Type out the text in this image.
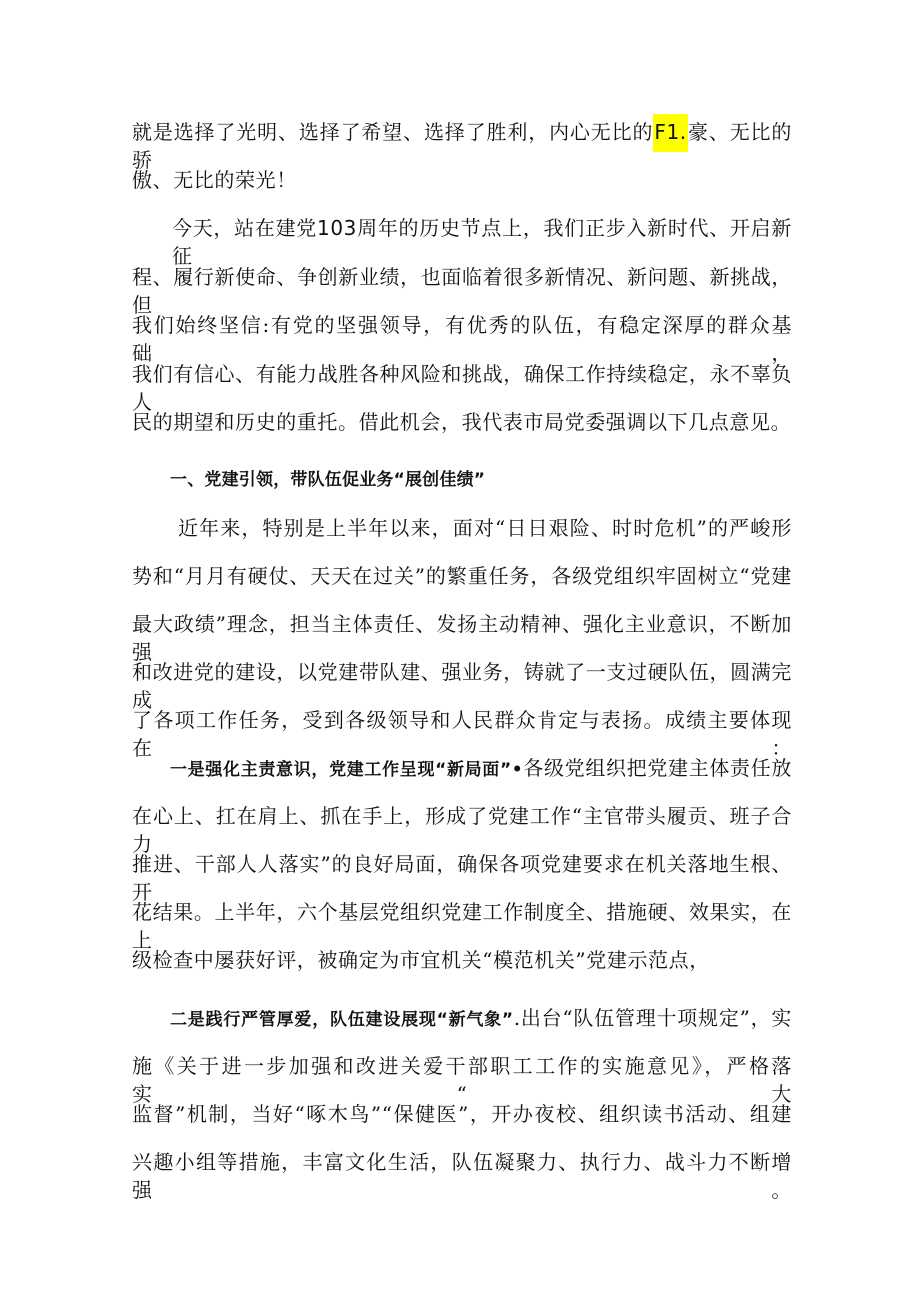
就是选择了光明、选择了希望、选择了胜利，内心无比的F1.豪、无比的骄
傲、无比的荣光！
今天，站在建党103周年的历史节点上，我们正步入新时代、开启新征
程、履行新使命、争创新业绩，也面临着很多新情况、新问题、新挑战，但
我们始终坚信:有党的坚强领导，有优秀的队伍，有稳定深厚的群众基础，
我们有信心、有能力战胜各种风险和挑战，确保工作持续稳定，永不辜负人
民的期望和历史的重托。借此机会，我代表市局党委强调以下几点意见。
一、党建引领，带队伍促业务“展创佳绩”
近年来，特别是上半年以来，面对“日日艰险、时时危机”的严峻形
势和“月月有硬仗、天天在过关”的繁重任务，各级党组织牢固树立“党建
最大政绩”理念，担当主体责任、发扬主动精神、强化主业意识，不断加强
和改进党的建设，以党建带队建、强业务，铸就了一支过硬队伍，圆满完成
了各项工作任务，受到各级领导和人民群众肯定与表扬。成绩主要体现在：
一是强化主责意识，党建工作呈现“新局面”•各级党组织把党建主体责任放
在心上、扛在肩上、抓在手上，形成了党建工作“主官带头履贡、班子合力
推进、干部人人落实”的良好局面，确保各项党建要求在机关落地生根、开
花结果。上半年，六个基层党组织党建工作制度全、措施硬、效果实，在上
级检查中屡获好评，被确定为市宜机关“模范机关”党建示范点，
二是践行严管厚爱，队伍建设展现“新气象”.出台“队伍管理十项规定”，实
施《关于进一步加强和改进关爱干部职工工作的实施意见》，严格落实“大
监督”机制，当好“啄木鸟”“保健医”，开办夜校、组织读书活动、组建
兴趣小组等措施，丰富文化生活，队伍凝聚力、执行力、战斗力不断增强。
